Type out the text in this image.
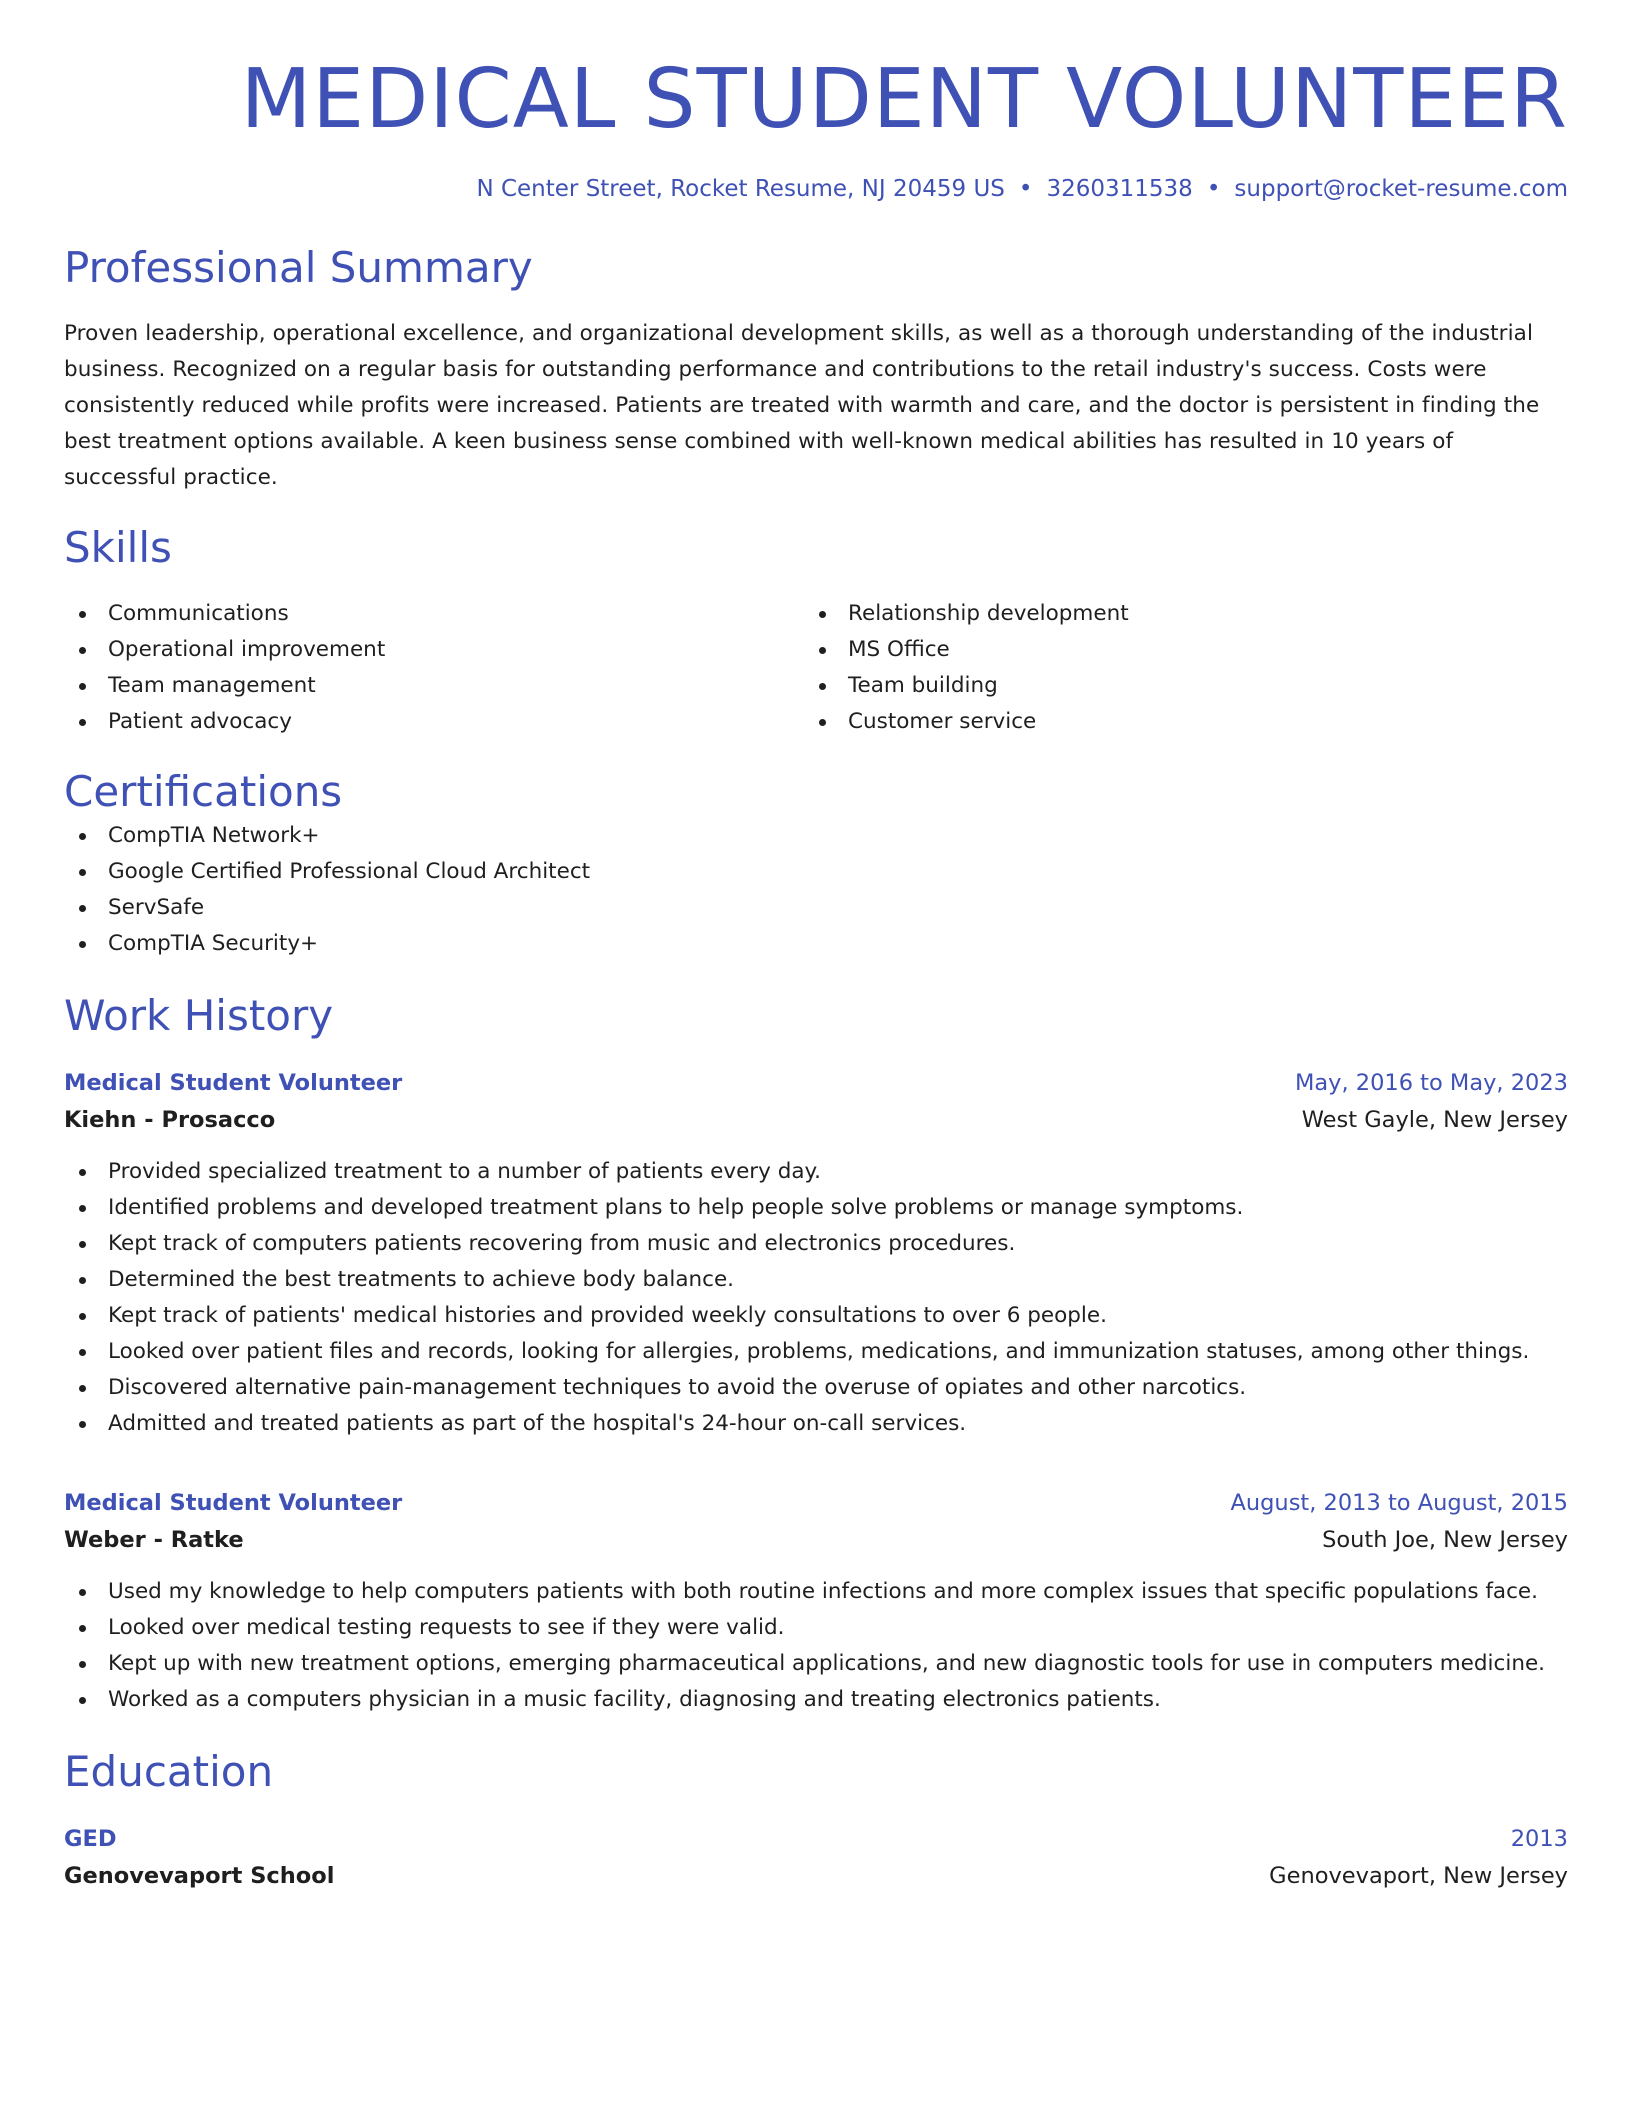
MEDICAL STUDENT VOLUNTEER
N Center Street, Rocket Resume, NJ 20459 US • 3260311538 • support@rocket-resume.com
Professional Summary

Proven leadership, operational excellence, and organizational development skills, as well as a thorough understanding of the industrial business. Recognized on a regular basis for outstanding performance and contributions to the retail industry's success. Costs were consistently reduced while profits were increased. Patients are treated with warmth and care, and the doctor is persistent in finding the best treatment options available. A keen business sense combined with well-known medical abilities has resulted in 10 years of successful practice.

Skills
Communications
Operational improvement
Team management
Patient advocacy
Relationship development
MS Office
Team building
Customer service
Certifications
CompTIA Network+
Google Certified Professional Cloud Architect
ServSafe
CompTIA Security+
Work History
Medical Student Volunteer	May, 2016 to May, 2023
Kiehn - Prosacco	West Gayle, New Jersey
Provided specialized treatment to a number of patients every day.
Identified problems and developed treatment plans to help people solve problems or manage symptoms.
Kept track of computers patients recovering from music and electronics procedures.
Determined the best treatments to achieve body balance.
Kept track of patients' medical histories and provided weekly consultations to over 6 people.
Looked over patient files and records, looking for allergies, problems, medications, and immunization statuses, among other things.
Discovered alternative pain-management techniques to avoid the overuse of opiates and other narcotics.
Admitted and treated patients as part of the hospital's 24-hour on-call services.
Medical Student Volunteer	August, 2013 to August, 2015
Weber - Ratke	South Joe, New Jersey
Used my knowledge to help computers patients with both routine infections and more complex issues that specific populations face.
Looked over medical testing requests to see if they were valid.
Kept up with new treatment options, emerging pharmaceutical applications, and new diagnostic tools for use in computers medicine.
Worked as a computers physician in a music facility, diagnosing and treating electronics patients.
Education
GED	2013
Genovevaport School	Genovevaport, New Jersey
